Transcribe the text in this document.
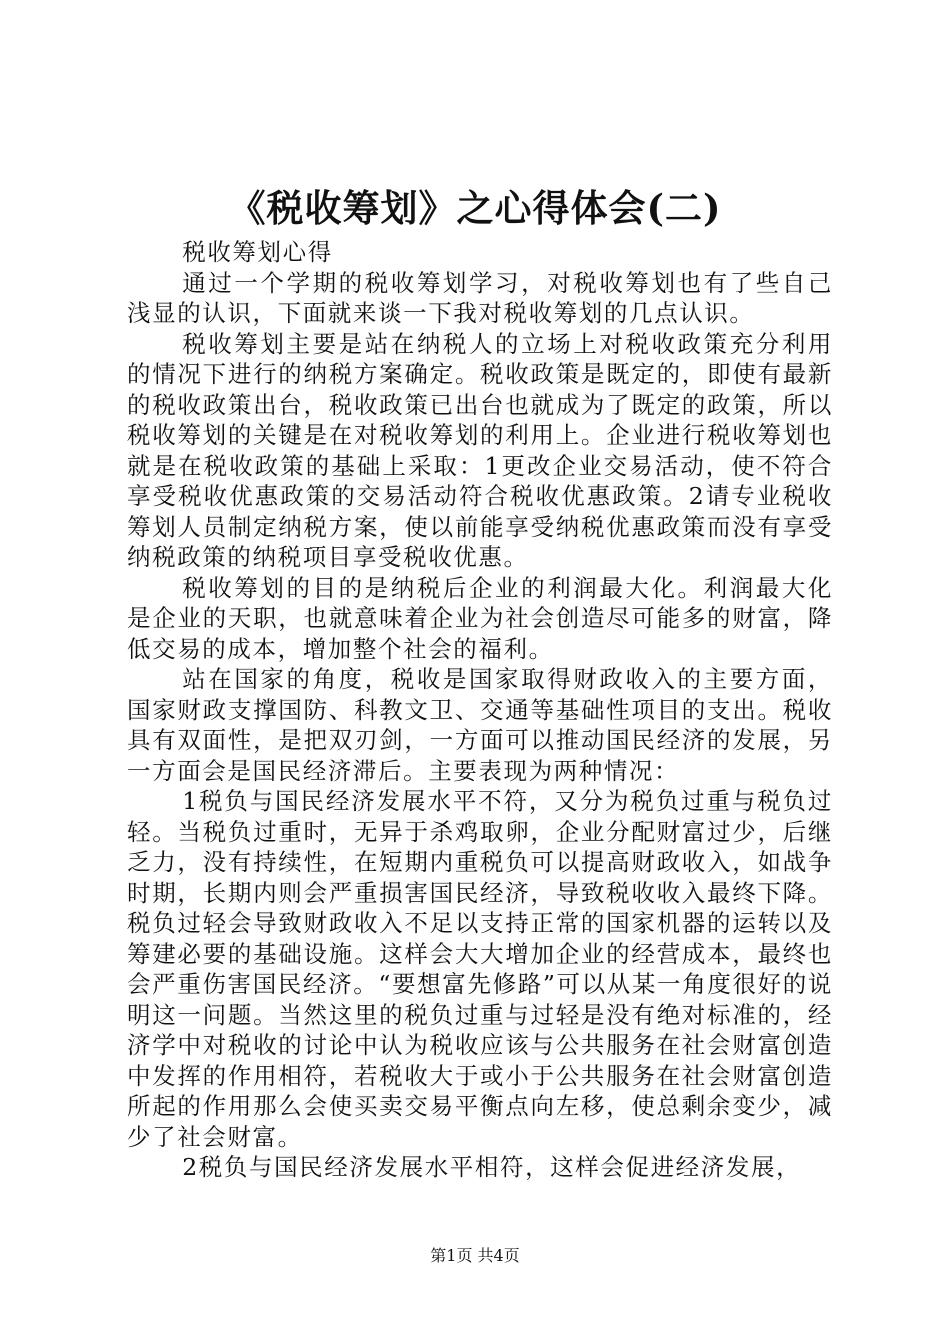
《税收筹划》之心得体会(二)

税收筹划心得

通过一个学期的税收筹划学习，对税收筹划也有了些自己浅显的认识，下面就来谈一下我对税收筹划的几点认识。

税收筹划主要是站在纳税人的立场上对税收政策充分利用的情况下进行的纳税方案确定。税收政策是既定的，即使有最新的税收政策出台，税收政策已出台也就成为了既定的政策，所以税收筹划的关键是在对税收筹划的利用上。企业进行税收筹划也就是在税收政策的基础上采取：1更改企业交易活动，使不符合享受税收优惠政策的交易活动符合税收优惠政策。2请专业税收筹划人员制定纳税方案，使以前能享受纳税优惠政策而没有享受纳税政策的纳税项目享受税收优惠。

税收筹划的目的是纳税后企业的利润最大化。利润最大化是企业的天职，也就意味着企业为社会创造尽可能多的财富，降低交易的成本，增加整个社会的福利。

站在国家的角度，税收是国家取得财政收入的主要方面，国家财政支撑国防、科教文卫、交通等基础性项目的支出。税收具有双面性，是把双刃剑，一方面可以推动国民经济的发展，另一方面会是国民经济滞后。主要表现为两种情况：

1税负与国民经济发展水平不符，又分为税负过重与税负过轻。当税负过重时，无异于杀鸡取卵，企业分配财富过少，后继乏力，没有持续性，在短期内重税负可以提高财政收入，如战争时期，长期内则会严重损害国民经济，导致税收收入最终下降。税负过轻会导致财政收入不足以支持正常的国家机器的运转以及筹建必要的基础设施。这样会大大增加企业的经营成本，最终也会严重伤害国民经济。“要想富先修路”可以从某一角度很好的说明这一问题。当然这里的税负过重与过轻是没有绝对标准的，经济学中对税收的讨论中认为税收应该与公共服务在社会财富创造中发挥的作用相符，若税收大于或小于公共服务在社会财富创造所起的作用那么会使买卖交易平衡点向左移，使总剩余变少，减少了社会财富。

2税负与国民经济发展水平相符，这样会促进经济发展，

第1页 共4页
